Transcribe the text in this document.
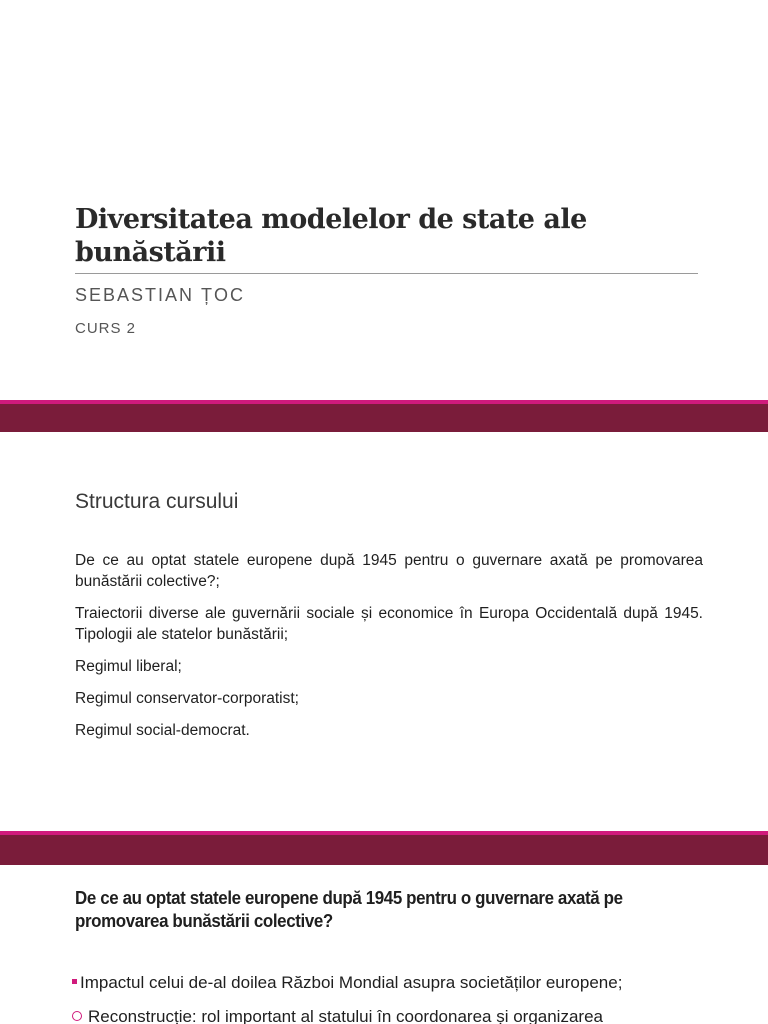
Diversitatea modelelor de state ale bunăstării
SEBASTIAN ȚOC
CURS 2
Structura cursului
De ce au optat statele europene după 1945 pentru o guvernare axată pe promovarea bunăstării colective?;
Traiectorii diverse ale guvernării sociale și economice în Europa Occidentală după 1945. Tipologii ale statelor bunăstării;
Regimul liberal;
Regimul conservator-corporatist;
Regimul social-democrat.
De ce au optat statele europene după 1945 pentru o guvernare axată pe promovarea bunăstării colective?
Impactul celui de-al doilea Război Mondial asupra societăților europene;
Reconstrucție: rol important al statului în coordonarea și organizarea
